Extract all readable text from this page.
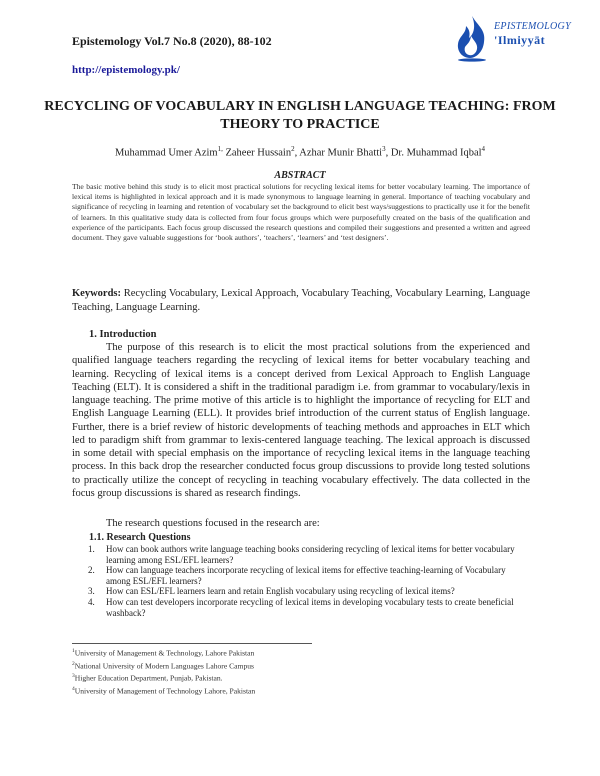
Epistemology Vol.7 No.8 (2020), 88-102
http://epistemology.pk/
EPISTEMOLOGY
'Ilmiyyāt
RECYCLING OF VOCABULARY IN ENGLISH LANGUAGE TEACHING: FROM THEORY TO PRACTICE
Muhammad Umer Azim$^{1,}$ Zaheer Hussain$^2$, Azhar Munir Bhatti$^3$, Dr. Muhammad Iqbal$^4$
ABSTRACT
The basic motive behind this study is to elicit most practical solutions for recycling lexical items for better vocabulary learning. The importance of lexical items is highlighted in lexical approach and it is made synonymous to language learning in general. Importance of teaching vocabulary and significance of recycling in learning and retention of vocabulary set the background to elicit best ways/suggestions to practically use it for the benefit of learners. In this qualitative study data is collected from four focus groups which were purposefully created on the basis of the qualification and experience of the participants. Each focus group discussed the research questions and compiled their suggestions and presented a written and agreed document. They gave valuable suggestions for ‘book authors’, ‘teachers’, ‘learners’ and ‘test designers’.
Keywords: Recycling Vocabulary, Lexical Approach, Vocabulary Teaching, Vocabulary Learning, Language Teaching, Language Learning.
1. Introduction
The purpose of this research is to elicit the most practical solutions from the experienced and qualified language teachers regarding the recycling of lexical items for better vocabulary teaching and learning. Recycling of lexical items is a concept derived from Lexical Approach to English Language Teaching (ELT). It is considered a shift in the traditional paradigm i.e. from grammar to vocabulary/lexis in language teaching. The prime motive of this article is to highlight the importance of recycling for ELT and English Language Learning (ELL). It provides brief introduction of the current status of English language. Further, there is a brief review of historic developments of teaching methods and approaches in ELT which led to paradigm shift from grammar to lexis-centered language teaching. The lexical approach is discussed in some detail with special emphasis on the importance of recycling lexical items in the language teaching process. In this back drop the researcher conducted focus group discussions to provide long tested solutions to practically utilize the concept of recycling in teaching vocabulary effectively. The data collected in the focus group discussions is shared as research findings.
The research questions focused in the research are:
1.1. Research Questions
1. How can book authors write language teaching books considering recycling of lexical items for better vocabulary learning among ESL/EFL learners?
2. How can language teachers incorporate recycling of lexical items for effective teaching-learning of Vocabulary among ESL/EFL learners?
3. How can ESL/EFL learners learn and retain English vocabulary using recycling of lexical items?
4. How can test developers incorporate recycling of lexical items in developing vocabulary tests to create beneficial washback?
$^1$University of Management & Technology, Lahore Pakistan
$^2$National University of Modern Languages Lahore Campus
$^3$Higher Education Department, Punjab, Pakistan.
$^4$University of Management of Technology Lahore, Pakistan
